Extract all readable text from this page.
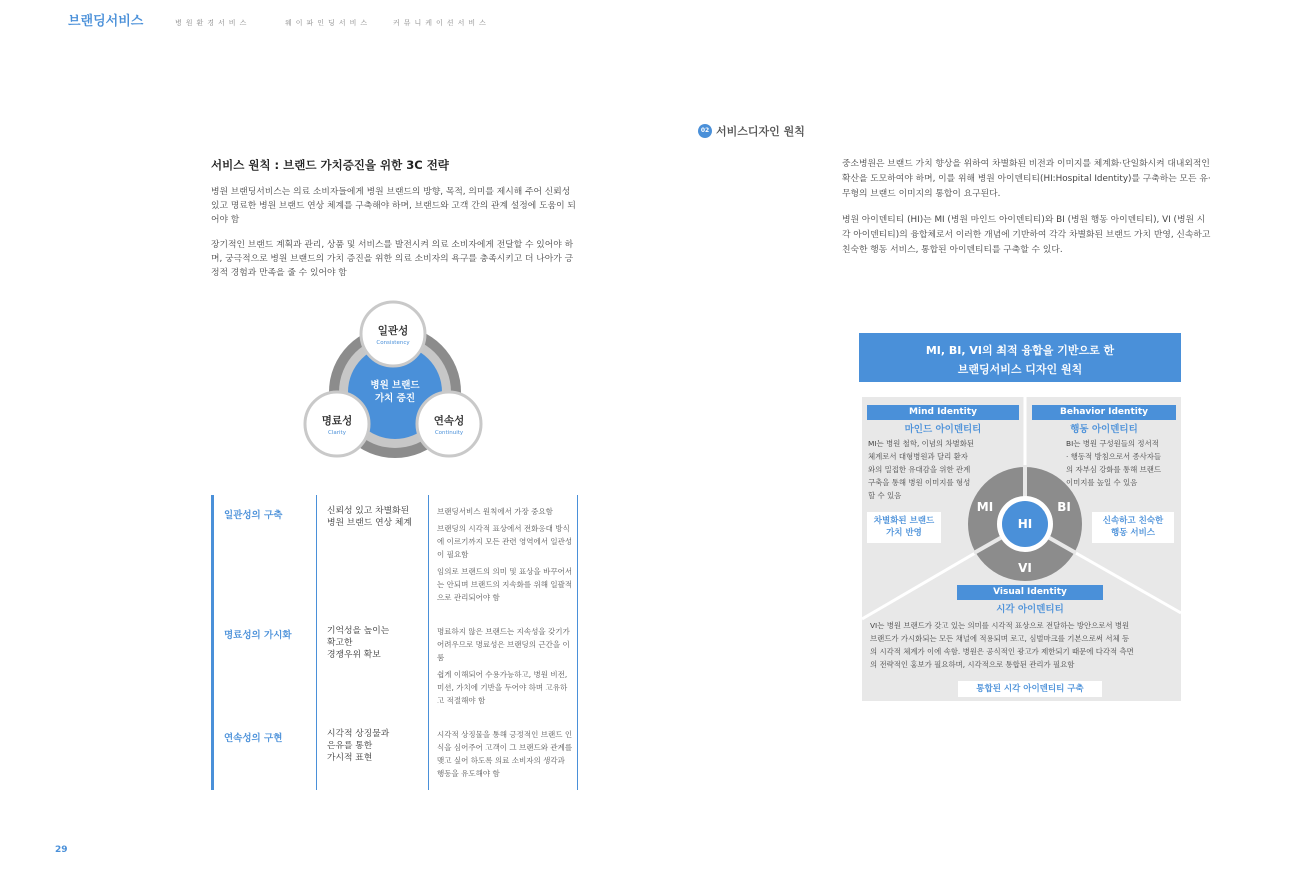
브랜딩서비스	병원환경서비스	웨이파인딩서비스	커뮤니케이션서비스
서비스 원칙 : 브랜드 가치증진을 위한 3C 전략
병원 브랜딩서비스는 의료 소비자들에게 병원 브랜드의 방향, 목적, 의미를 제시해 주어 신뢰성 있고 명료한 병원 브랜드 연상 체계를 구축해야 하며, 브랜드와 고객 간의 관계 설정에 도움이 되어야 함
장기적인 브랜드 계획과 관리, 상품 및 서비스를 발전시켜 의료 소비자에게 전달할 수 있어야 하며, 궁극적으로 병원 브랜드의 가치 증진을 위한 의료 소비자의 욕구를 충족시키고 더 나아가 긍정적 경험과 만족을 줄 수 있어야 함
병원 브랜드
가치 증진
일관성
Consistency
명료성
Clarity
연속성
Continuity
일관성의 구축	신뢰성 있고 차별화된
병원 브랜드 연상 체계

브랜딩서비스 원칙에서 가장 중요함

브랜딩의 시각적 표상에서 전화응대 방식에 이르기까지 모든 관련 영역에서 일관성이 필요함

임의로 브랜드의 의미 및 표상을 바꾸어서는 안되며 브랜드의 지속화를 위해 일괄적으로 관리되어야 함

명료성의 가시화	기억성을 높이는
확고한
경쟁우위 확보

명료하지 않은 브랜드는 지속성을 갖기가 어려우므로 명료성은 브랜딩의 근간을 이룸

쉽게 이해되어 수용가능하고, 병원 비전, 미션, 가치에 기반을 두어야 하며 고유하고 적절해야 함

연속성의 구현	시각적 상징물과
은유를 통한
가시적 표현

시각적 상징물을 통해 긍정적인 브랜드 인식을 심어주어 고객이 그 브랜드와 관계를 맺고 싶어 하도록 의료 소비자의 생각과 행동을 유도해야 함

02 서비스디자인 원칙
중소병원은 브랜드 가치 향상을 위하여 차별화된 비전과 이미지를 체계화·단일화시켜 대내외적인 확산을 도모하여야 하며, 이를 위해 병원 아이덴티티(HI:Hospital Identity)를 구축하는 모든 유·무형의 브랜드 이미지의 통합이 요구된다.
병원 아이덴티티 (HI)는 MI (병원 마인드 아이덴티티)와 BI (병원 행동 아이덴티티), VI (병원 시각 아이덴티티)의 융합체로서 이러한 개념에 기반하여 각각 차별화된 브랜드 가치 반영, 신속하고 친숙한 행동 서비스, 통합된 아이덴티티를 구축할 수 있다.
MI, BI, VI의 최적 융합을 기반으로 한
브랜딩서비스 디자인 원칙
HI
MI	BI
VI
Mind Identity
마인드 아이덴티티
MI는 병원 철학, 이념의 차별화된
체계로서 대형병원과 달리 환자
와의 밀접한 유대감을 위한 관계
구축을 통해 병원 이미지를 형성
할 수 있음
차별화된 브랜드
가치 반영
Behavior Identity
행동 아이덴티티
BI는 병원 구성원들의 정서적
· 행동적 방침으로서 종사자들
의 자부심 강화를 통해 브랜드
이미지를 높일 수 있음
신속하고 친숙한
행동 서비스
Visual Identity
시각 아이덴티티
VI는 병원 브랜드가 갖고 있는 의미를 시각적 표상으로 전달하는 방안으로서 병원
브랜드가 가시화되는 모든 채널에 적용되며 로고, 심벌마크를 기본으로써 서체 등
의 시각적 체계가 이에 속함. 병원은 공식적인 광고가 제한되기 때문에 다각적 측면
의 전략적인 홍보가 필요하며, 시각적으로 통합된 관리가 필요함
통합된 시각 아이덴티티 구축
29
